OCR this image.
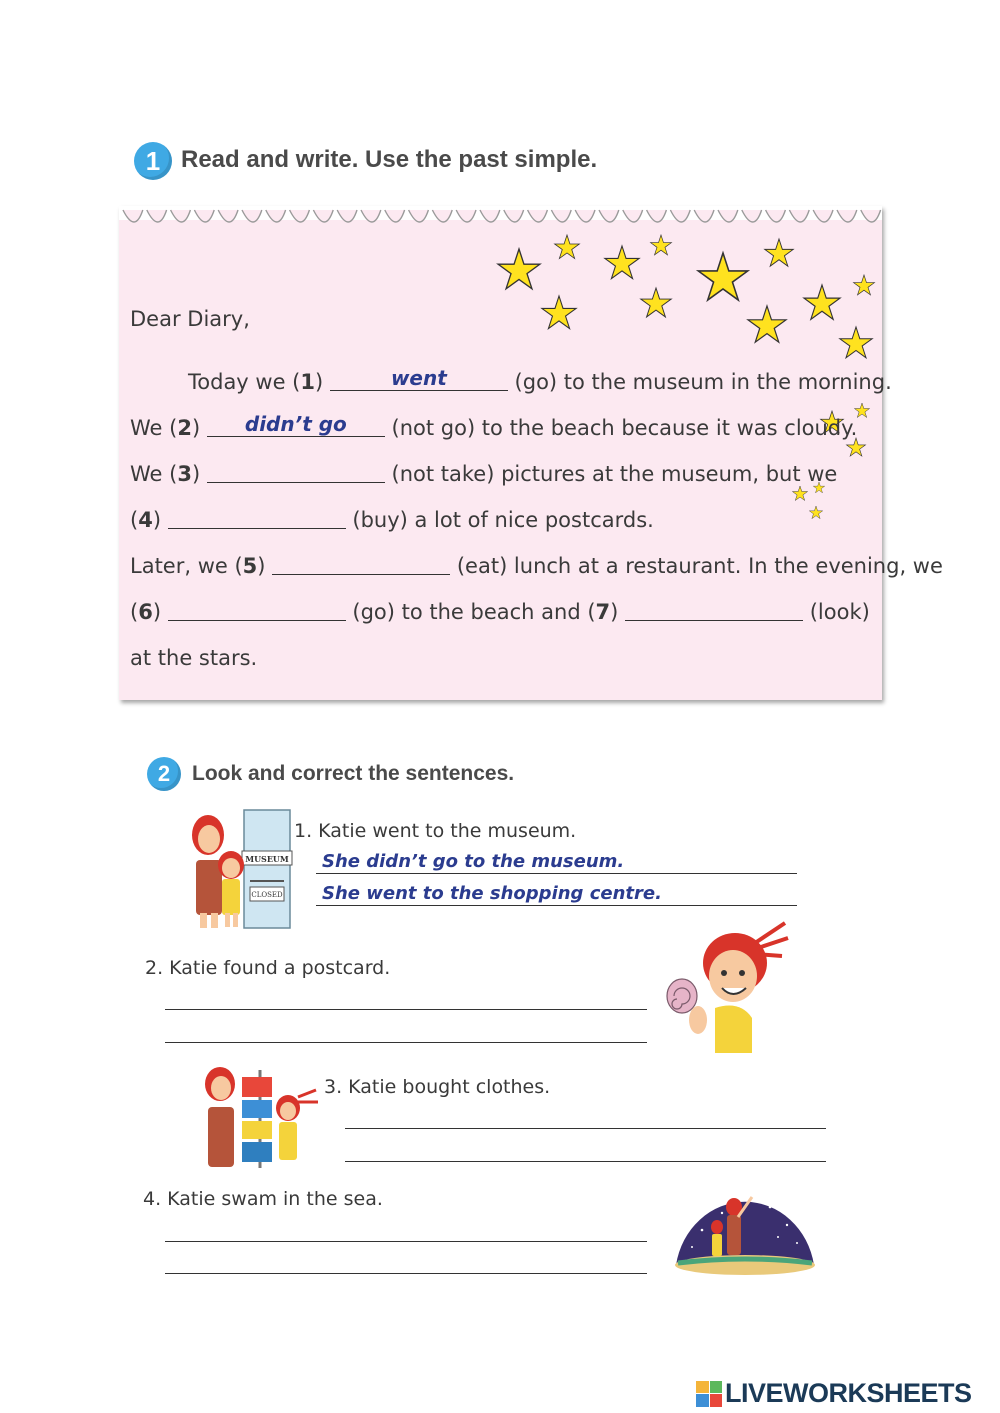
1 Read and write. Use the past simple.
Dear Diary,
Today we (1)	went	(go) to the museum in the morning.
We (2)	didn’t go	(not go) to the beach because it was cloudy.
We (3)	(not take) pictures at the museum, but we
(4)	(buy) a lot of nice postcards.
Later, we (5)	(eat) lunch at a restaurant. In the evening, we
(6)	(go) to the beach and (7)	(look)
at the stars.
2	Look and correct the sentences.
MUSEUM
CLOSED
1. Katie went to the museum.
She didn’t go to the museum.
She went to the shopping centre.
2. Katie found a postcard.
3. Katie bought clothes.
4. Katie swam in the sea.
LIVEWORKSHEETS
